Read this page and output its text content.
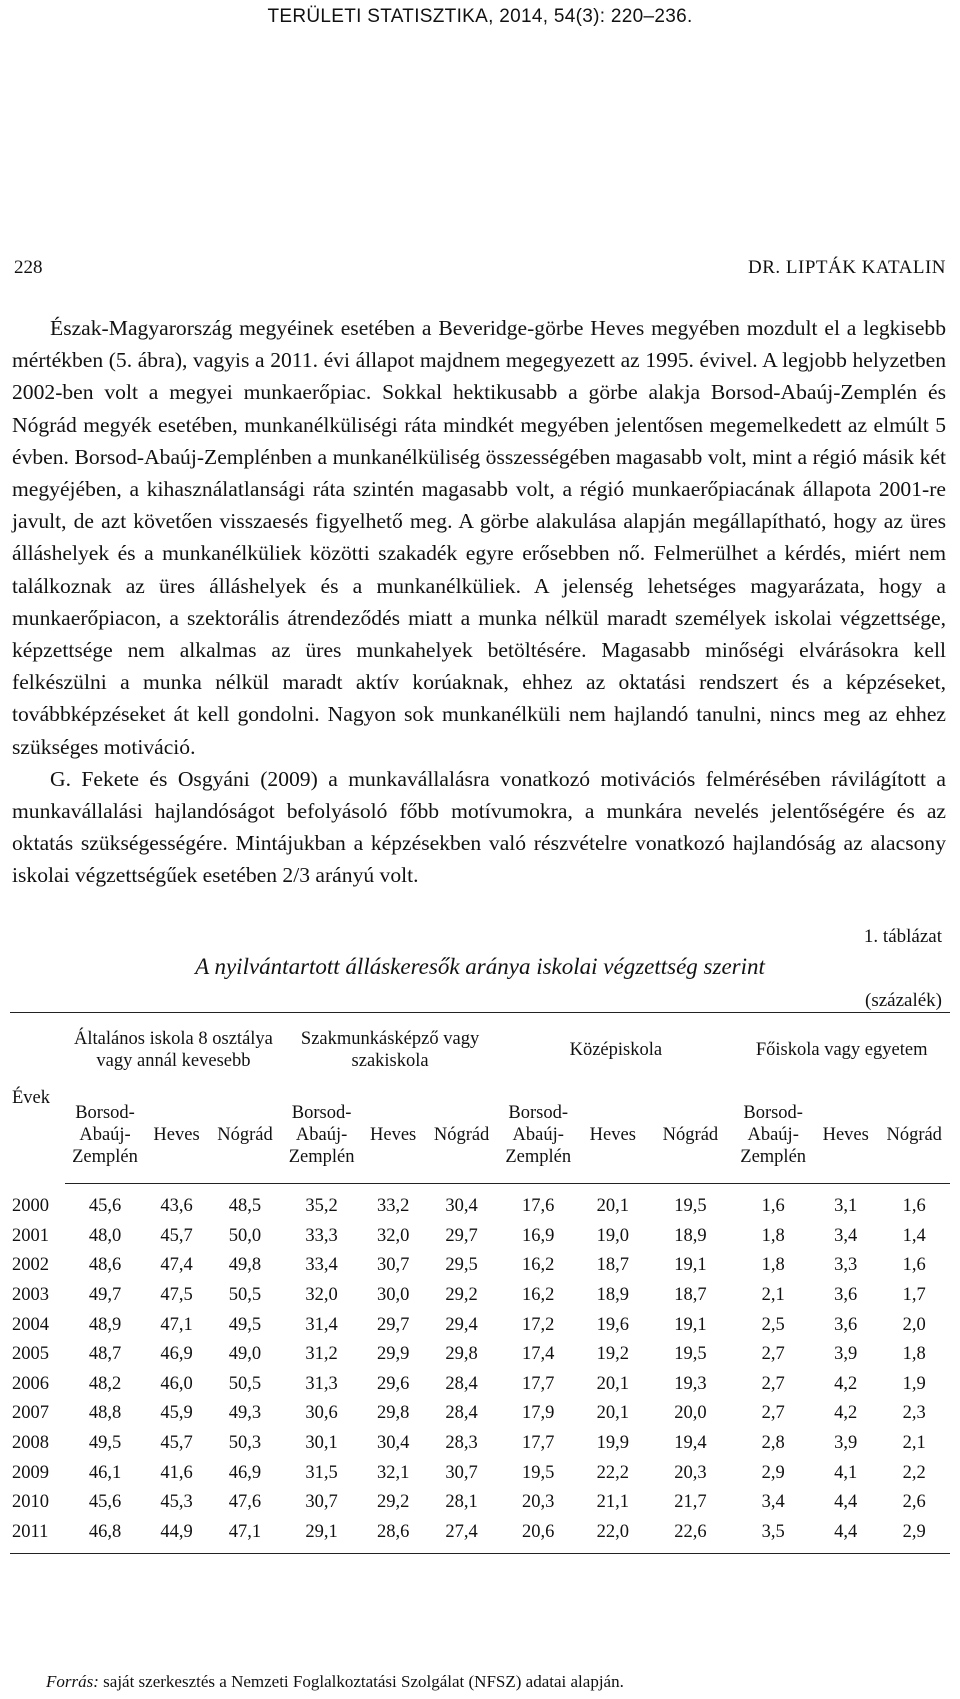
TERÜLETI STATISZTIKA, 2014, 54(3): 220–236.
228	DR. LIPTÁK KATALIN

Észak-Magyarország megyéinek esetében a Beveridge-görbe Heves megyében mozdult el a legkisebb mértékben (5. ábra), vagyis a 2011. évi állapot majdnem megegyezett az 1995. évivel. A legjobb helyzetben 2002-ben volt a megyei munkaerőpiac. Sokkal hektikusabb a görbe alakja Borsod-Abaúj-Zemplén és Nógrád megyék esetében, munkanélküliségi ráta mindkét megyében jelentősen megemelkedett az elmúlt 5 évben. Borsod-Abaúj-Zemplénben a munkanélküliség összességében magasabb volt, mint a régió másik két megyéjében, a kihasználatlansági ráta szintén magasabb volt, a régió munkaerőpiacának állapota 2001-re javult, de azt követően visszaesés figyelhető meg. A görbe alakulása alapján megállapítható, hogy az üres álláshelyek és a munkanélküliek közötti szakadék egyre erősebben nő. Felmerülhet a kérdés, miért nem találkoznak az üres álláshelyek és a munkanélküliek. A jelenség lehetséges magyarázata, hogy a munkaerőpiacon, a szektorális átrendeződés miatt a munka nélkül maradt személyek iskolai végzettsége, képzettsége nem alkalmas az üres munkahelyek betöltésére. Magasabb minőségi elvárásokra kell felkészülni a munka nélkül maradt aktív korúaknak, ehhez az oktatási rendszert és a képzéseket, továbbképzéseket át kell gondolni. Nagyon sok munkanélküli nem hajlandó tanulni, nincs meg az ehhez szükséges motiváció.

G. Fekete és Osgyáni (2009) a munkavállalásra vonatkozó motivációs felmérésében rávilágított a munkavállalási hajlandóságot befolyásoló főbb motívumokra, a munkára nevelés jelentőségére és az oktatás szükségességére. Mintájukban a képzésekben való részvételre vonatkozó hajlandóság az alacsony iskolai végzettségűek esetében 2/3 arányú volt.

1. táblázat
A nyilvántartott álláskeresők aránya iskolai végzettség szerint
(százalék)
Évek	Általános iskola 8 osztálya vagy annál kevesebb			Szakmunkásképző vagy szakiskola			Középiskola			Főiskola vagy egyetem		
	Borsod-Abaúj-Zemplén	Heves	Nógrád	Borsod-Abaúj-Zemplén	Heves	Nógrád	Borsod-Abaúj-Zemplén	Heves	Nógrád	Borsod-Abaúj-Zemplén	Heves	Nógrád
2000	45,6	43,6	48,5	35,2	33,2	30,4	17,6	20,1	19,5	1,6	3,1	1,6
2001	48,0	45,7	50,0	33,3	32,0	29,7	16,9	19,0	18,9	1,8	3,4	1,4
2002	48,6	47,4	49,8	33,4	30,7	29,5	16,2	18,7	19,1	1,8	3,3	1,6
2003	49,7	47,5	50,5	32,0	30,0	29,2	16,2	18,9	18,7	2,1	3,6	1,7
2004	48,9	47,1	49,5	31,4	29,7	29,4	17,2	19,6	19,1	2,5	3,6	2,0
2005	48,7	46,9	49,0	31,2	29,9	29,8	17,4	19,2	19,5	2,7	3,9	1,8
2006	48,2	46,0	50,5	31,3	29,6	28,4	17,7	20,1	19,3	2,7	4,2	1,9
2007	48,8	45,9	49,3	30,6	29,8	28,4	17,9	20,1	20,0	2,7	4,2	2,3
2008	49,5	45,7	50,3	30,1	30,4	28,3	17,7	19,9	19,4	2,8	3,9	2,1
2009	46,1	41,6	46,9	31,5	32,1	30,7	19,5	22,2	20,3	2,9	4,1	2,2
2010	45,6	45,3	47,6	30,7	29,2	28,1	20,3	21,1	21,7	3,4	4,4	2,6
2011	46,8	44,9	47,1	29,1	28,6	27,4	20,6	22,0	22,6	3,5	4,4	2,9
Forrás: saját szerkesztés a Nemzeti Foglalkoztatási Szolgálat (NFSZ) adatai alapján.
